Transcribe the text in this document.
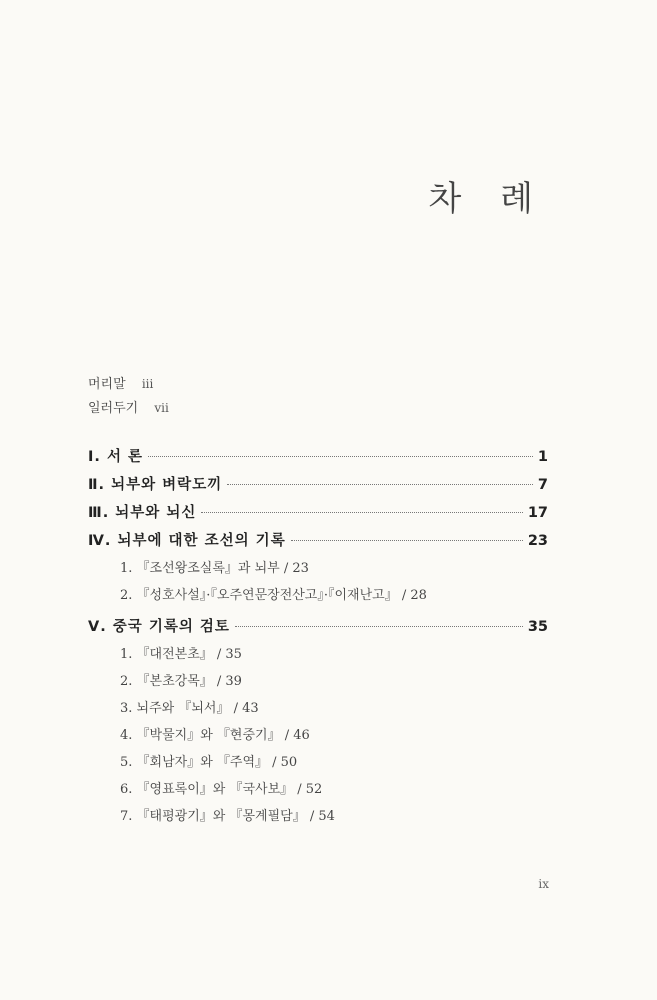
차 례
머리말 iii
일러두기 vii
Ⅰ. 서 론	1
Ⅱ. 뇌부와 벼락도끼	7
Ⅲ. 뇌부와 뇌신	17
Ⅳ. 뇌부에 대한 조선의 기록	23
1. 『조선왕조실록』과 뇌부 / 23
2. 『성호사설』·『오주연문장전산고』·『이재난고』 / 28
Ⅴ. 중국 기록의 검토	35
1. 『대전본초』 / 35
2. 『본초강목』 / 39
3. 뇌주와 『뇌서』 / 43
4. 『박물지』와 『현중기』 / 46
5. 『회남자』와 『주역』 / 50
6. 『영표록이』와 『국사보』 / 52
7. 『태평광기』와 『몽계필담』 / 54
ix
